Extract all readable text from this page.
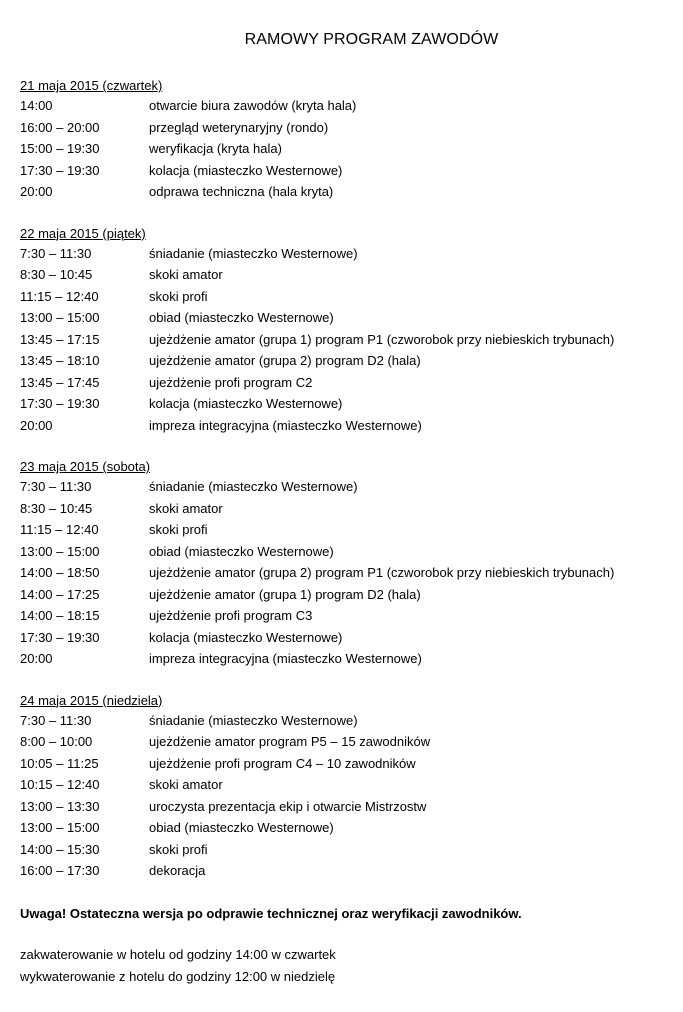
RAMOWY PROGRAM ZAWODÓW
21 maja 2015 (czwartek)
14:00	otwarcie biura zawodów (kryta hala)
16:00 – 20:00	przegląd weterynaryjny (rondo)
15:00 – 19:30	weryfikacja (kryta hala)
17:30 – 19:30	kolacja (miasteczko Westernowe)
20:00	odprawa techniczna (hala kryta)
22 maja 2015 (piątek)
7:30 – 11:30	śniadanie (miasteczko Westernowe)
8:30 – 10:45	skoki amator
11:15 – 12:40	skoki profi
13:00 – 15:00	obiad (miasteczko Westernowe)
13:45 – 17:15	ujeżdżenie amator (grupa 1) program P1 (czworobok przy niebieskich trybunach)
13:45 – 18:10	ujeżdżenie amator (grupa 2) program D2 (hala)
13:45 – 17:45	ujeżdżenie profi program C2
17:30 – 19:30	kolacja (miasteczko Westernowe)
20:00	impreza integracyjna (miasteczko Westernowe)
23 maja 2015 (sobota)
7:30 – 11:30	śniadanie (miasteczko Westernowe)
8:30 – 10:45	skoki amator
11:15 – 12:40	skoki profi
13:00 – 15:00	obiad (miasteczko Westernowe)
14:00 – 18:50	ujeżdżenie amator (grupa 2) program P1 (czworobok przy niebieskich trybunach)
14:00 – 17:25	ujeżdżenie amator (grupa 1) program D2 (hala)
14:00 – 18:15	ujeżdżenie profi program C3
17:30 – 19:30	kolacja (miasteczko Westernowe)
20:00	impreza integracyjna (miasteczko Westernowe)
24 maja 2015 (niedziela)
7:30 – 11:30	śniadanie (miasteczko Westernowe)
8:00 – 10:00	ujeżdżenie amator program P5 – 15 zawodników
10:05 – 11:25	ujeżdżenie profi program C4 – 10 zawodników
10:15 – 12:40	skoki amator
13:00 – 13:30	uroczysta prezentacja ekip i otwarcie Mistrzostw
13:00 – 15:00	obiad (miasteczko Westernowe)
14:00 – 15:30	skoki profi
16:00 – 17:30	dekoracja
Uwaga! Ostateczna wersja po odprawie technicznej oraz weryfikacji zawodników.
zakwaterowanie w hotelu od godziny 14:00 w czwartek
wykwaterowanie z hotelu do godziny 12:00 w niedzielę
